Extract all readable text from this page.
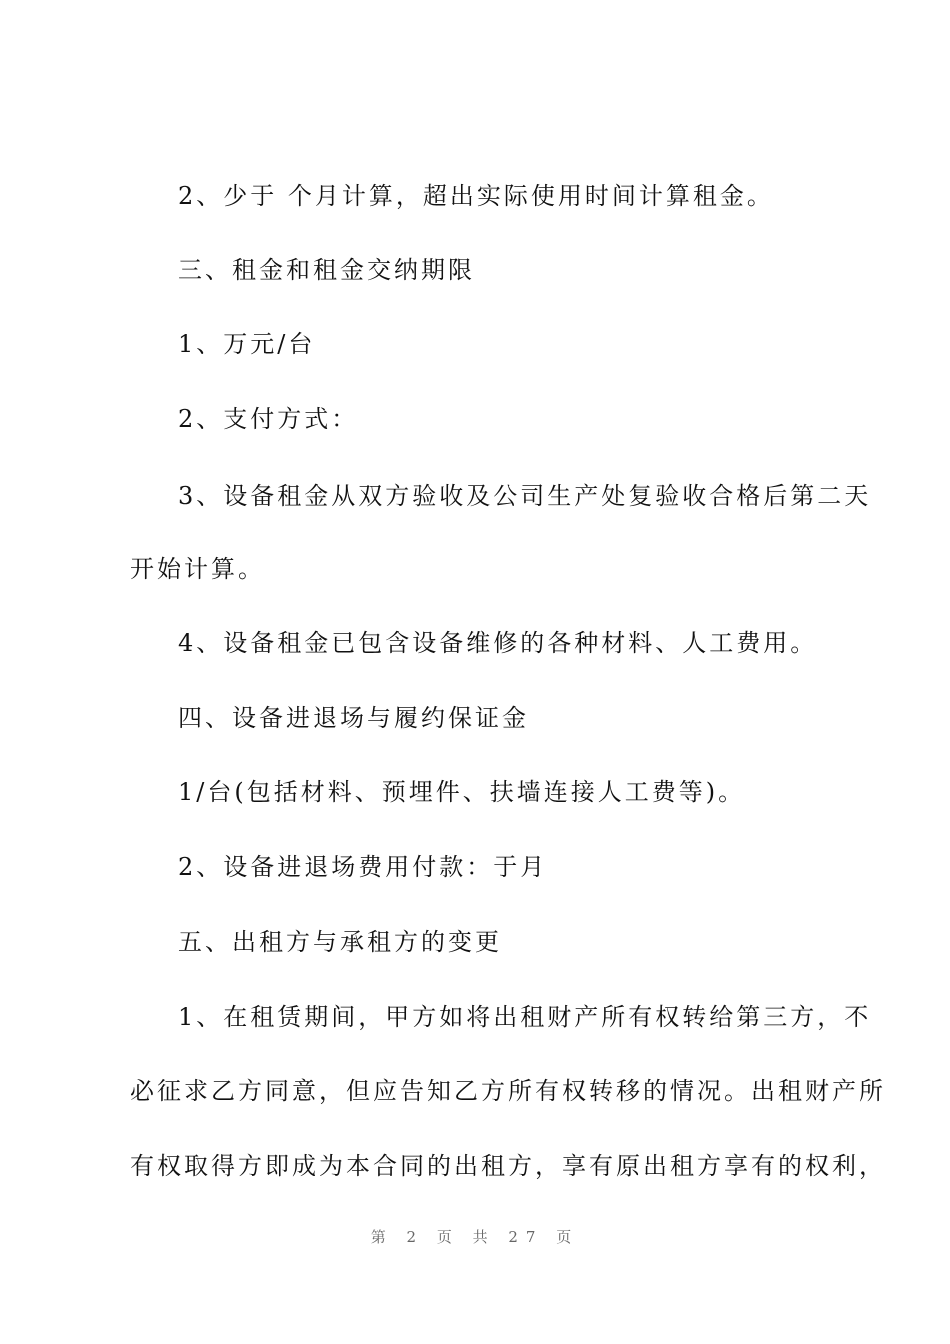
2、少于 个月计算，超出实际使用时间计算租金。
三、租金和租金交纳期限
1、万元/台
2、支付方式：
3、设备租金从双方验收及公司生产处复验收合格后第二天
开始计算。
4、设备租金已包含设备维修的各种材料、人工费用。
四、设备进退场与履约保证金
1/台(包括材料、预埋件、扶墙连接人工费等)。
2、设备进退场费用付款：于月
五、出租方与承租方的变更
1、在租赁期间，甲方如将出租财产所有权转给第三方，不
必征求乙方同意，但应告知乙方所有权转移的情况。出租财产所
有权取得方即成为本合同的出租方，享有原出租方享有的权利，
第 2 页 共 27 页
